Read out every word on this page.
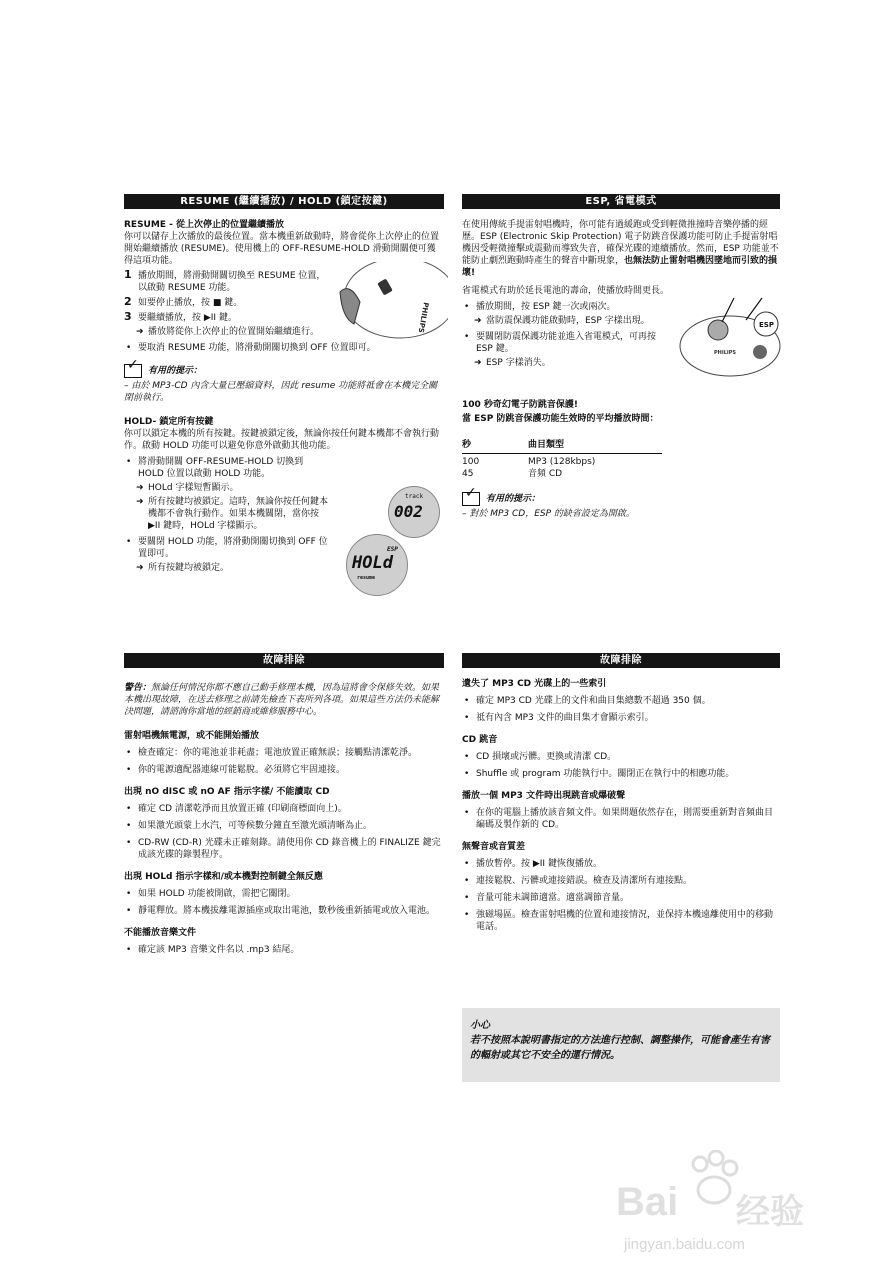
RESUME (繼續播放) / HOLD (鎖定按鍵)

RESUME - 從上次停止的位置繼續播放

你可以儲存上次播放的最後位置。當本機重新啟動時，將會從你上次停止的位置開始繼續播放 (RESUME)。使用機上的 OFF-RESUME-HOLD 滑動開關便可獲得這項功能。

1 播放期間，將滑動開關切換至 RESUME 位置，以啟動 RESUME 功能。
2 如要停止播放，按 ■ 鍵。
3 要繼續播放，按 ▶II 鍵。
➜ 播放將從你上次停止的位置開始繼續進行。
• 要取消 RESUME 功能，將滑動開關切換到 OFF 位置即可。
✓
有用的提示：

– 由於 MP3-CD 內含大量已壓縮資料，因此 resume 功能將祗會在本機完全關閉前執行。

HOLD- 鎖定所有按鍵

你可以鎖定本機的所有按鍵。按鍵被鎖定後，無論你按任何鍵本機都不會執行動作。啟動 HOLD 功能可以避免你意外啟動其他功能。

• 將滑動開關 OFF-RESUME-HOLD 切換到 HOLD 位置以啟動 HOLD 功能。
➜ HOLd 字樣短暫顯示。
➜ 所有按鍵均被鎖定。這時，無論你按任何鍵本機都不會執行動作。如果本機關閉，當你按 ▶II 鍵時，HOLd 字樣顯示。
• 要關閉 HOLD 功能，將滑動開關切換到 OFF 位置即可。
➜ 所有按鍵均被鎖定。
PHILIPS
track
002
ESP
HOLd
resume
ESP, 省電模式

在使用傳統手提雷射唱機時，你可能有過緩跑或受到輕微推撞時音樂停播的經歷。ESP (Electronic Skip Protection) 電子防跳音保護功能可防止手提雷射唱機因受輕微撞擊或震動而導致失音，確保光碟的連續播放。然而，ESP 功能並不能防止劇烈跑動時產生的聲音中斷現象，也無法防止雷射唱機因墜地而引致的損壞!

省電模式有助於延長電池的壽命，使播放時間更長。

• 播放期間，按 ESP 鍵一次或兩次。
➜ 當防震保護功能啟動時，ESP 字樣出現。
• 要關閉防震保護功能並進入省電模式，可再按 ESP 鍵。
➜ ESP 字樣消失。

100 秒奇幻電子防跳音保護!

當 ESP 防跳音保護功能生效時的平均播放時間：

秒	曲目類型
100	MP3 (128kbps)
45	音頻 CD
✓
有用的提示：

– 對於 MP3 CD，ESP 的缺省設定為開啟。

ESP
PHILIPS
故障排除

警告：無論任何情況你都不應自己動手修理本機，因為這將會令保修失效。如果本機出現故障，在送去修理之前請先檢查下表所列各項。如果這些方法仍未能解決問題，請諮詢你當地的經銷商或維修服務中心。

雷射唱機無電源，或不能開始播放

• 檢查確定：你的電池並非耗盡；電池放置正確無誤；接觸點清潔乾淨。
• 你的電源適配器連線可能鬆脫。必須將它牢固連接。

出現 nO dISC 或 nO AF 指示字樣/ 不能讀取 CD

• 確定 CD 清潔乾淨而且放置正確 (印刷商標面向上)。
• 如果激光頭蒙上水汽，可等候數分鐘直至激光頭清晰為止。
• CD-RW (CD-R) 光碟未正確刻錄。請使用你 CD 錄音機上的 FINALIZE 鍵完成該光碟的錄製程序。

出現 HOLd 指示字樣和/或本機對控制鍵全無反應

• 如果 HOLD 功能被開啟，需把它關閉。
• 靜電釋放。將本機拔離電源插座或取出電池，數秒後重新插電或放入電池。

不能播放音樂文件

• 確定該 MP3 音樂文件名以 .mp3 結尾。
故障排除

遺失了 MP3 CD 光碟上的一些索引

• 確定 MP3 CD 光碟上的文件和曲目集總數不超過 350 個。
• 祗有內含 MP3 文件的曲目集才會顯示索引。

CD 跳音

• CD 損壞或污髒。更換或清潔 CD。
• Shuffle 或 program 功能執行中。關閉正在執行中的相應功能。

播放一個 MP3 文件時出現跳音或爆破聲

• 在你的電腦上播放該音頻文件。如果問題依然存在，則需要重新對音頻曲目編碼及製作新的 CD。

無聲音或音質差

• 播放暫停。按 ▶II 鍵恢復播放。
• 連接鬆脫、污髒或連接錯誤。檢查及清潔所有連接點。
• 音量可能未調節適當。適當調節音量。
• 強磁場區。檢查雷射唱機的位置和連接情況，並保持本機遠離使用中的移動電話。
小心
若不按照本說明書指定的方法進行控制、調整操作，可能會產生有害的輻射或其它不安全的運行情況。
Bai 经验
jingyan.baidu.com
